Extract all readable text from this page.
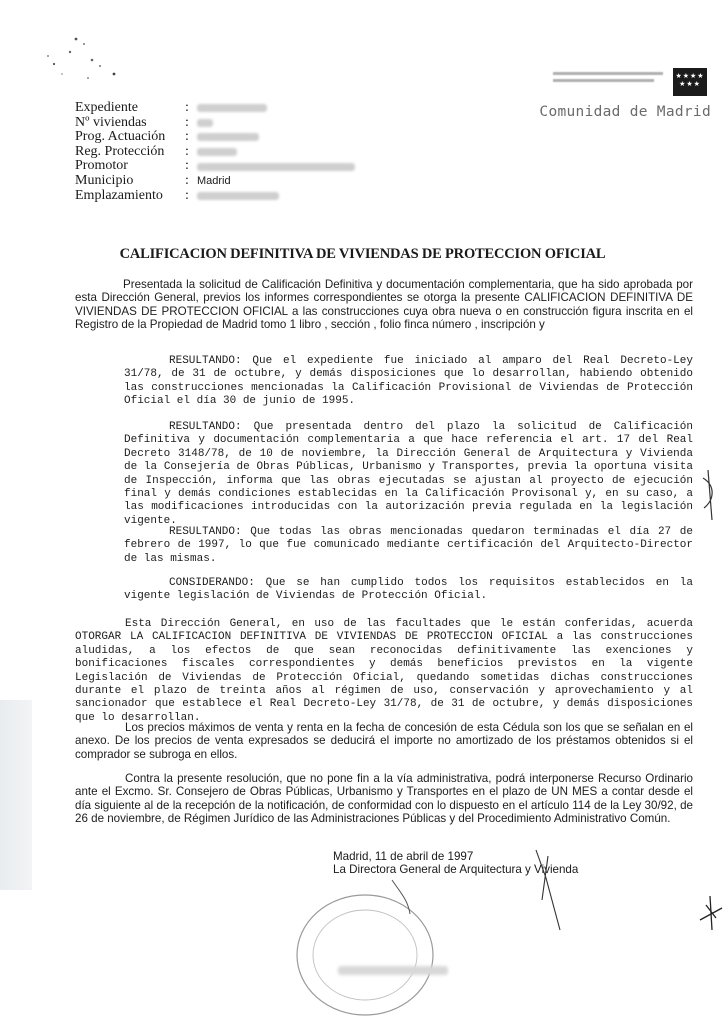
Expediente	:
Nº viviendas	:
Prog. Actuación	:
Reg. Protección	:
Promotor	:
Municipio	: Madrid
Emplazamiento	:
★★★★ ★★★
Comunidad de Madrid
CALIFICACION DEFINITIVA DE VIVIENDAS DE PROTECCION OFICIAL
Presentada la solicitud de Calificación Definitiva y documentación complementaria, que ha sido aprobada por esta Dirección General, previos los informes correspondientes se otorga la presente CALIFICACION DEFINITIVA DE VIVIENDAS DE PROTECCION OFICIAL a las construcciones cuya obra nueva o en construcción figura inscrita en el Registro de la Propiedad de Madrid tomo 1 libro , sección , folio finca número , inscripción y
RESULTANDO: Que el expediente fue iniciado al amparo del Real Decreto-Ley 31/78, de 31 de octubre, y demás disposiciones que lo desarrollan, habiendo obtenido las construcciones mencionadas la Calificación Provisional de Viviendas de Protección Oficial el día 30 de junio de 1995.
RESULTANDO: Que presentada dentro del plazo la solicitud de Calificación Definitiva y documentación complementaria a que hace referencia el art. 17 del Real Decreto 3148/78, de 10 de noviembre, la Dirección General de Arquitectura y Vivienda de la Consejería de Obras Públicas, Urbanismo y Transportes, previa la oportuna visita de Inspección, informa que las obras ejecutadas se ajustan al proyecto de ejecución final y demás condiciones establecidas en la Calificación Provisonal y, en su caso, a las modificaciones introducidas con la autorización previa regulada en la legislación vigente.
RESULTANDO: Que todas las obras mencionadas quedaron terminadas el día 27 de febrero de 1997, lo que fue comunicado mediante certificación del Arquitecto-Director de las mismas.
CONSIDERANDO: Que se han cumplido todos los requisitos establecidos en la vigente legislación de Viviendas de Protección Oficial.
Esta Dirección General, en uso de las facultades que le están conferidas, acuerda OTORGAR LA CALIFICACION DEFINITIVA DE VIVIENDAS DE PROTECCION OFICIAL a las construcciones aludidas, a los efectos de que sean reconocidas definitivamente las exenciones y bonificaciones fiscales correspondientes y demás beneficios previstos en la vigente Legislación de Viviendas de Protección Oficial, quedando sometidas dichas construcciones durante el plazo de treinta años al régimen de uso, conservación y aprovechamiento y al sancionador que establece el Real Decreto-Ley 31/78, de 31 de octubre, y demás disposiciones que lo desarrollan.
Los precios máximos de venta y renta en la fecha de concesión de esta Cédula son los que se señalan en el anexo. De los precios de venta expresados se deducirá el importe no amortizado de los préstamos obtenidos si el comprador se subroga en ellos.
Contra la presente resolución, que no pone fin a la vía administrativa, podrá interponerse Recurso Ordinario ante el Excmo. Sr. Consejero de Obras Públicas, Urbanismo y Transportes en el plazo de UN MES a contar desde el día siguiente al de la recepción de la notificación, de conformidad con lo dispuesto en el artículo 114 de la Ley 30/92, de 26 de noviembre, de Régimen Jurídico de las Administraciones Públicas y del Procedimiento Administrativo Común.
Madrid, 11 de abril de 1997
La Directora General de Arquitectura y Vivienda
